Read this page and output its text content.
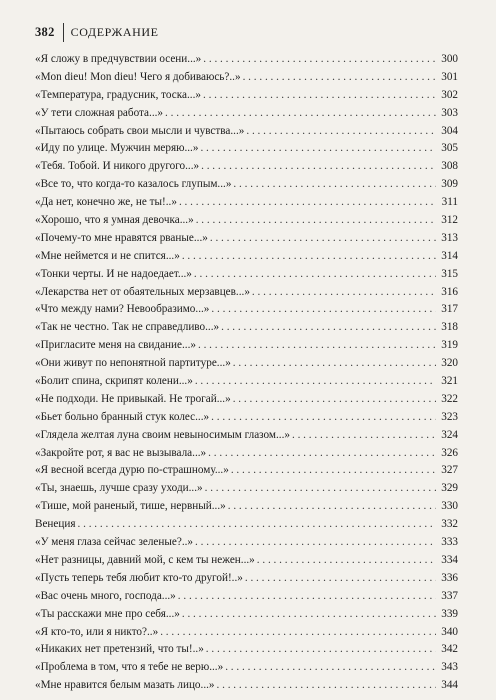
382 СОДЕРЖАНИЕ
«Я сложу в предчувствии осени...» . . .	300
«Mon dieu! Mon dieu! Чего я добиваюсь?..» . . .	301
«Температура, градусник, тоска...» . . .	302
«У тети сложная работа...» . . .	303
«Пытаюсь собрать свои мысли и чувства...» . . .	304
«Иду по улице. Мужчин меряю...» . . .	305
«Тебя. Тобой. И никого другого...» . . .	308
«Все то, что когда-то казалось глупым...» . . .	309
«Да нет, конечно же, не ты!..» . . .	311
«Хорошо, что я умная девочка...» . . .	312
«Почему-то мне нравятся рваные...» . . .	313
«Мне неймется и не спится...» . . .	314
«Тонки черты. И не надоедает...» . . .	315
«Лекарства нет от обаятельных мерзавцев...» . . .	316
«Что между нами? Невообразимо...» . . .	317
«Так не честно. Так не справедливо...» . . .	318
«Пригласите меня на свидание...» . . .	319
«Они живут по непонятной партитуре...» . . .	320
«Болит спина, скрипят колени...» . . .	321
«Не подходи. Не привыкай. Не трогай...» . . .	322
«Бьет больно бранный стук колес...» . . .	323
«Глядела желтая луна своим невыносимым глазом...» . . .	324
«Закройте рот, я вас не вызывала...» . . .	326
«Я весной всегда дурю по-страшному...» . . .	327
«Ты, знаешь, лучше сразу уходи...» . . .	329
«Тише, мой раненый, тише, нервный...» . . .	330
Венеция . . .	332
«У меня глаза сейчас зеленые?..» . . .	333
«Нет разницы, давний мой, с кем ты нежен...» . . .	334
«Пусть теперь тебя любит кто-то другой!..» . . .	336
«Вас очень много, господа...» . . .	337
«Ты расскажи мне про себя...» . . .	339
«Я кто-то, или я никто?..» . . .	340
«Никаких нет претензий, что ты!..» . . .	342
«Проблема в том, что я тебе не верю...» . . .	343
«Мне нравится белым мазать лицо...» . . .	344
